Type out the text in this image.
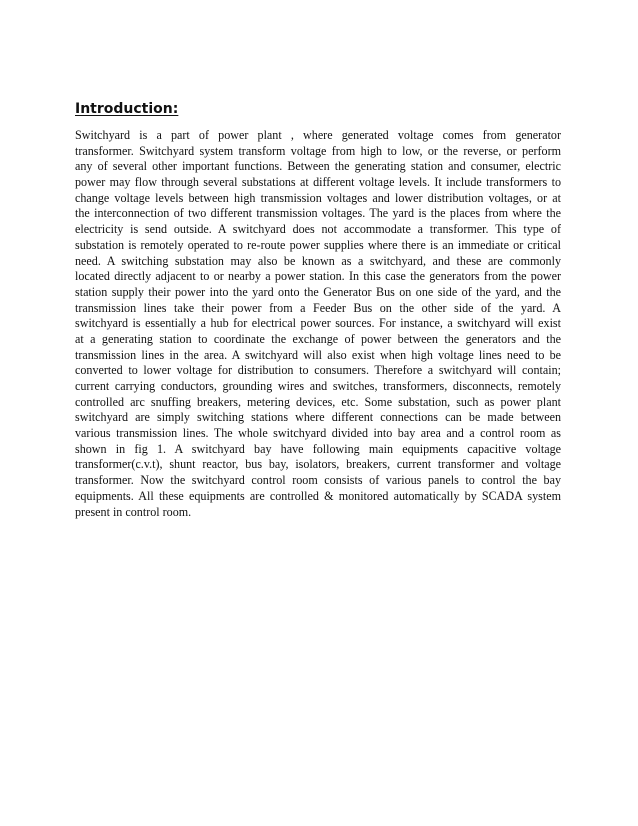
Introduction:
Switchyard is a part of power plant , where generated voltage comes from generator
transformer. Switchyard system transform voltage from high to low, or the reverse, or perform
any of several other important functions. Between the generating station and consumer, electric
power may flow through several substations at different voltage levels. It include transformers to
change voltage levels between high transmission voltages and lower distribution voltages, or at
the interconnection of two different transmission voltages. The yard is the places from where the
electricity is send outside. A switchyard does not accommodate a transformer. This type of
substation is remotely operated to re-route power supplies where there is an immediate or critical
need. A switching substation may also be known as a switchyard, and these are commonly
located directly adjacent to or nearby a power station. In this case the generators from the power
station supply their power into the yard onto the Generator Bus on one side of the yard, and the
transmission lines take their power from a Feeder Bus on the other side of the yard. A
switchyard is essentially a hub for electrical power sources. For instance, a switchyard will exist
at a generating station to coordinate the exchange of power between the generators and the
transmission lines in the area. A switchyard will also exist when high voltage lines need to be
converted to lower voltage for distribution to consumers. Therefore a switchyard will contain;
current carrying conductors, grounding wires and switches, transformers, disconnects, remotely
controlled arc snuffing breakers, metering devices, etc. Some substation, such as power plant
switchyard are simply switching stations where different connections can be made between
various transmission lines. The whole switchyard divided into bay area and a control room as
shown in fig 1. A switchyard bay have following main equipments capacitive voltage
transformer(c.v.t), shunt reactor, bus bay, isolators, breakers, current transformer and voltage
transformer. Now the switchyard control room consists of various panels to control the bay
equipments. All these equipments are controlled & monitored automatically by SCADA system
present in control room.
